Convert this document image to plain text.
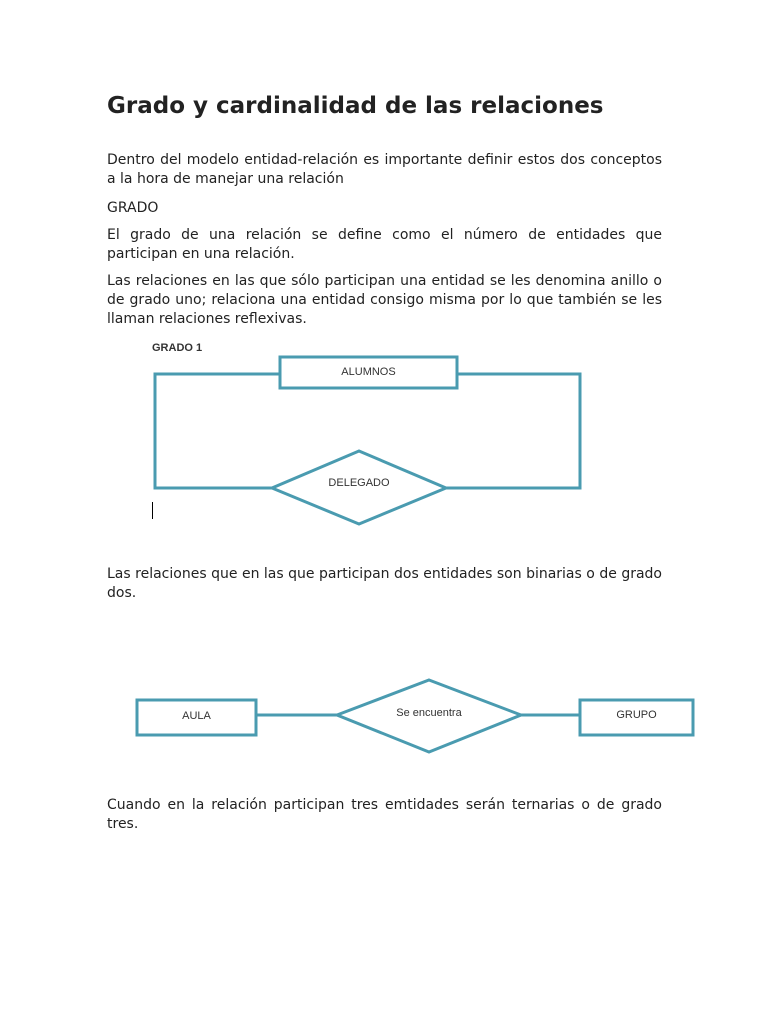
Grado y cardinalidad de las relaciones

Dentro del modelo entidad-relación es importante definir estos dos conceptos a la hora de manejar una relación

GRADO

El grado de una relación se define como el número de entidades que participan en una relación.

Las relaciones en las que sólo participan una entidad se les denomina anillo o de grado uno; relaciona una entidad consigo misma por lo que también se les llaman relaciones reflexivas.

GRADO 1
ALUMNOS
DELEGADO

Las relaciones que en las que participan dos entidades son binarias o de grado dos.

AULA	Se encuentra	GRUPO

Cuando en la relación participan tres emtidades serán ternarias o de grado tres.
